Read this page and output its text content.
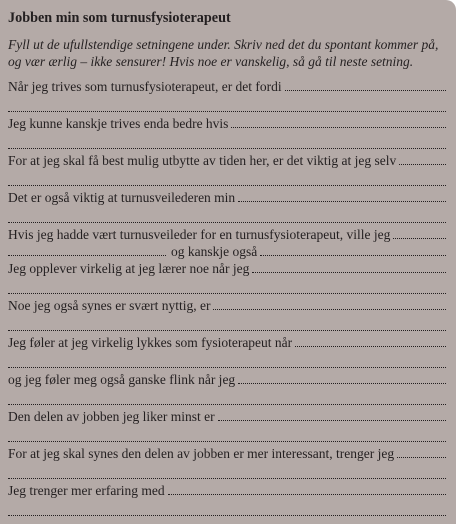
Jobben min som turnusfysioterapeut
Fyll ut de ufullstendige setningene under. Skriv ned det du spontant kommer på,
og vær ærlig – ikke sensurer! Hvis noe er vanskelig, så gå til neste setning.
Når jeg trives som turnusfysioterapeut, er det fordi
Jeg kunne kanskje trives enda bedre hvis
For at jeg skal få best mulig utbytte av tiden her, er det viktig at jeg selv
Det er også viktig at turnusveilederen min
Hvis jeg hadde vært turnusveileder for en turnusfysioterapeut, ville jeg
og kanskje også
Jeg opplever virkelig at jeg lærer noe når jeg
Noe jeg også synes er svært nyttig, er
Jeg føler at jeg virkelig lykkes som fysioterapeut når
og jeg føler meg også ganske flink når jeg
Den delen av jobben jeg liker minst er
For at jeg skal synes den delen av jobben er mer interessant, trenger jeg
Jeg trenger mer erfaring med
